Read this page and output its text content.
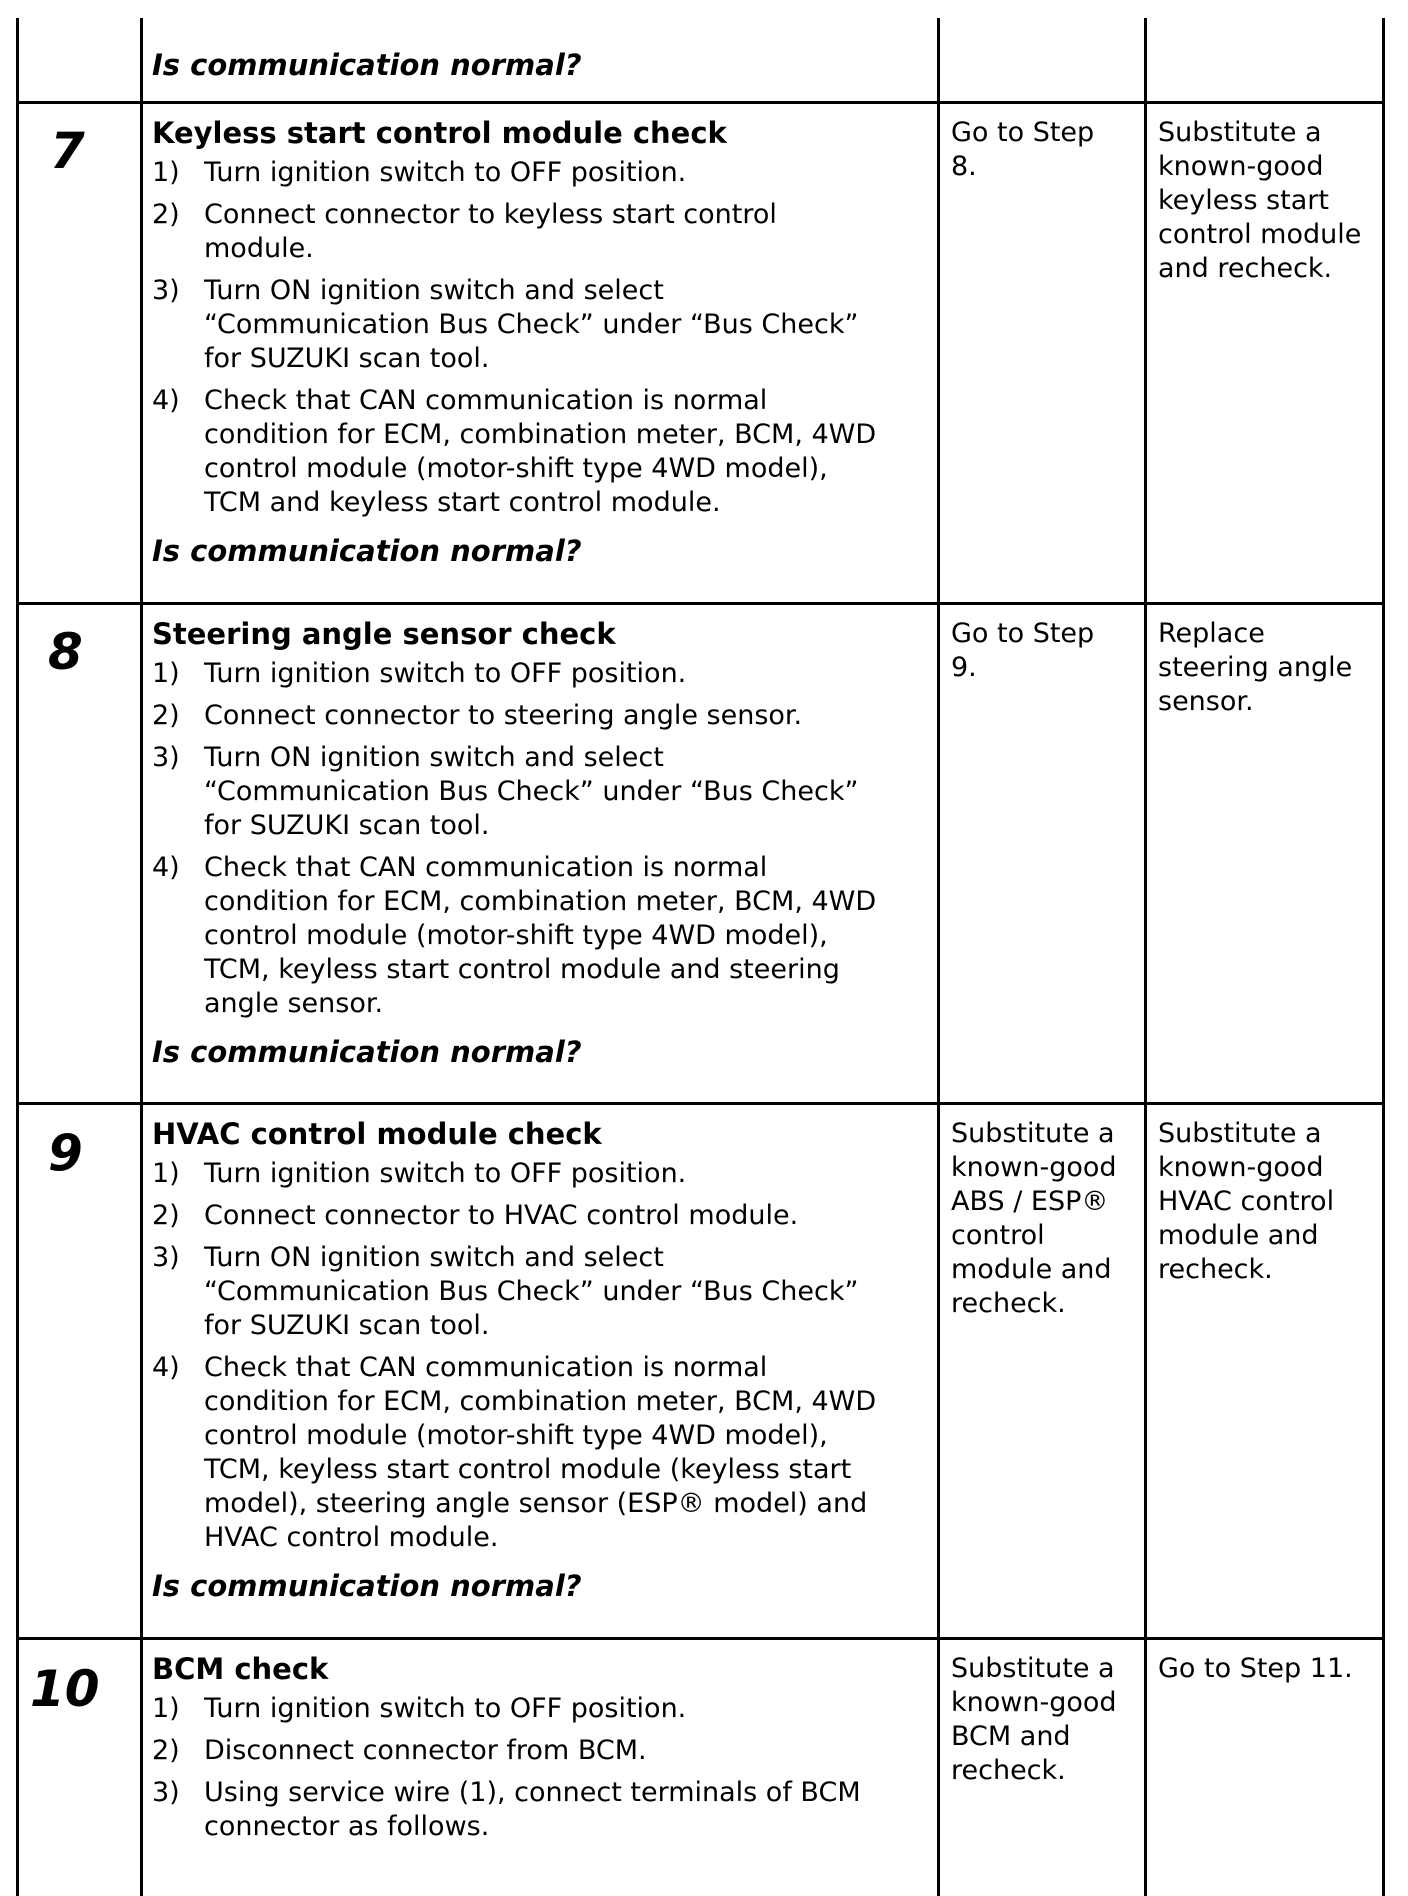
Is communication normal?
7 Keyless start control module check
1) Turn ignition switch to OFF position.
2) Connect connector to keyless start control
module.
3) Turn ON ignition switch and select
“Communication Bus Check” under “Bus Check”
for SUZUKI scan tool.
4) Check that CAN communication is normal
condition for ECM, combination meter, BCM, 4WD
control module (motor-shift type 4WD model),
TCM and keyless start control module.
Is communication normal?
Go to Step
8.
Substitute a
known-good
keyless start
control module
and recheck.
8 Steering angle sensor check
1) Turn ignition switch to OFF position.
2) Connect connector to steering angle sensor.
3) Turn ON ignition switch and select
“Communication Bus Check” under “Bus Check”
for SUZUKI scan tool.
4) Check that CAN communication is normal
condition for ECM, combination meter, BCM, 4WD
control module (motor-shift type 4WD model),
TCM, keyless start control module and steering
angle sensor.
Is communication normal?
Go to Step
9.
Replace
steering angle
sensor.
9 HVAC control module check
1) Turn ignition switch to OFF position.
2) Connect connector to HVAC control module.
3) Turn ON ignition switch and select
“Communication Bus Check” under “Bus Check”
for SUZUKI scan tool.
4) Check that CAN communication is normal
condition for ECM, combination meter, BCM, 4WD
control module (motor-shift type 4WD model),
TCM, keyless start control module (keyless start
model), steering angle sensor (ESP® model) and
HVAC control module.
Is communication normal?
Substitute a
known-good
ABS / ESP®
control
module and
recheck.
Substitute a
known-good
HVAC control
module and
recheck.
10 BCM check
1) Turn ignition switch to OFF position.
2) Disconnect connector from BCM.
3) Using service wire (1), connect terminals of BCM
connector as follows.
Substitute a
known-good
BCM and
recheck.
Go to Step 11.
